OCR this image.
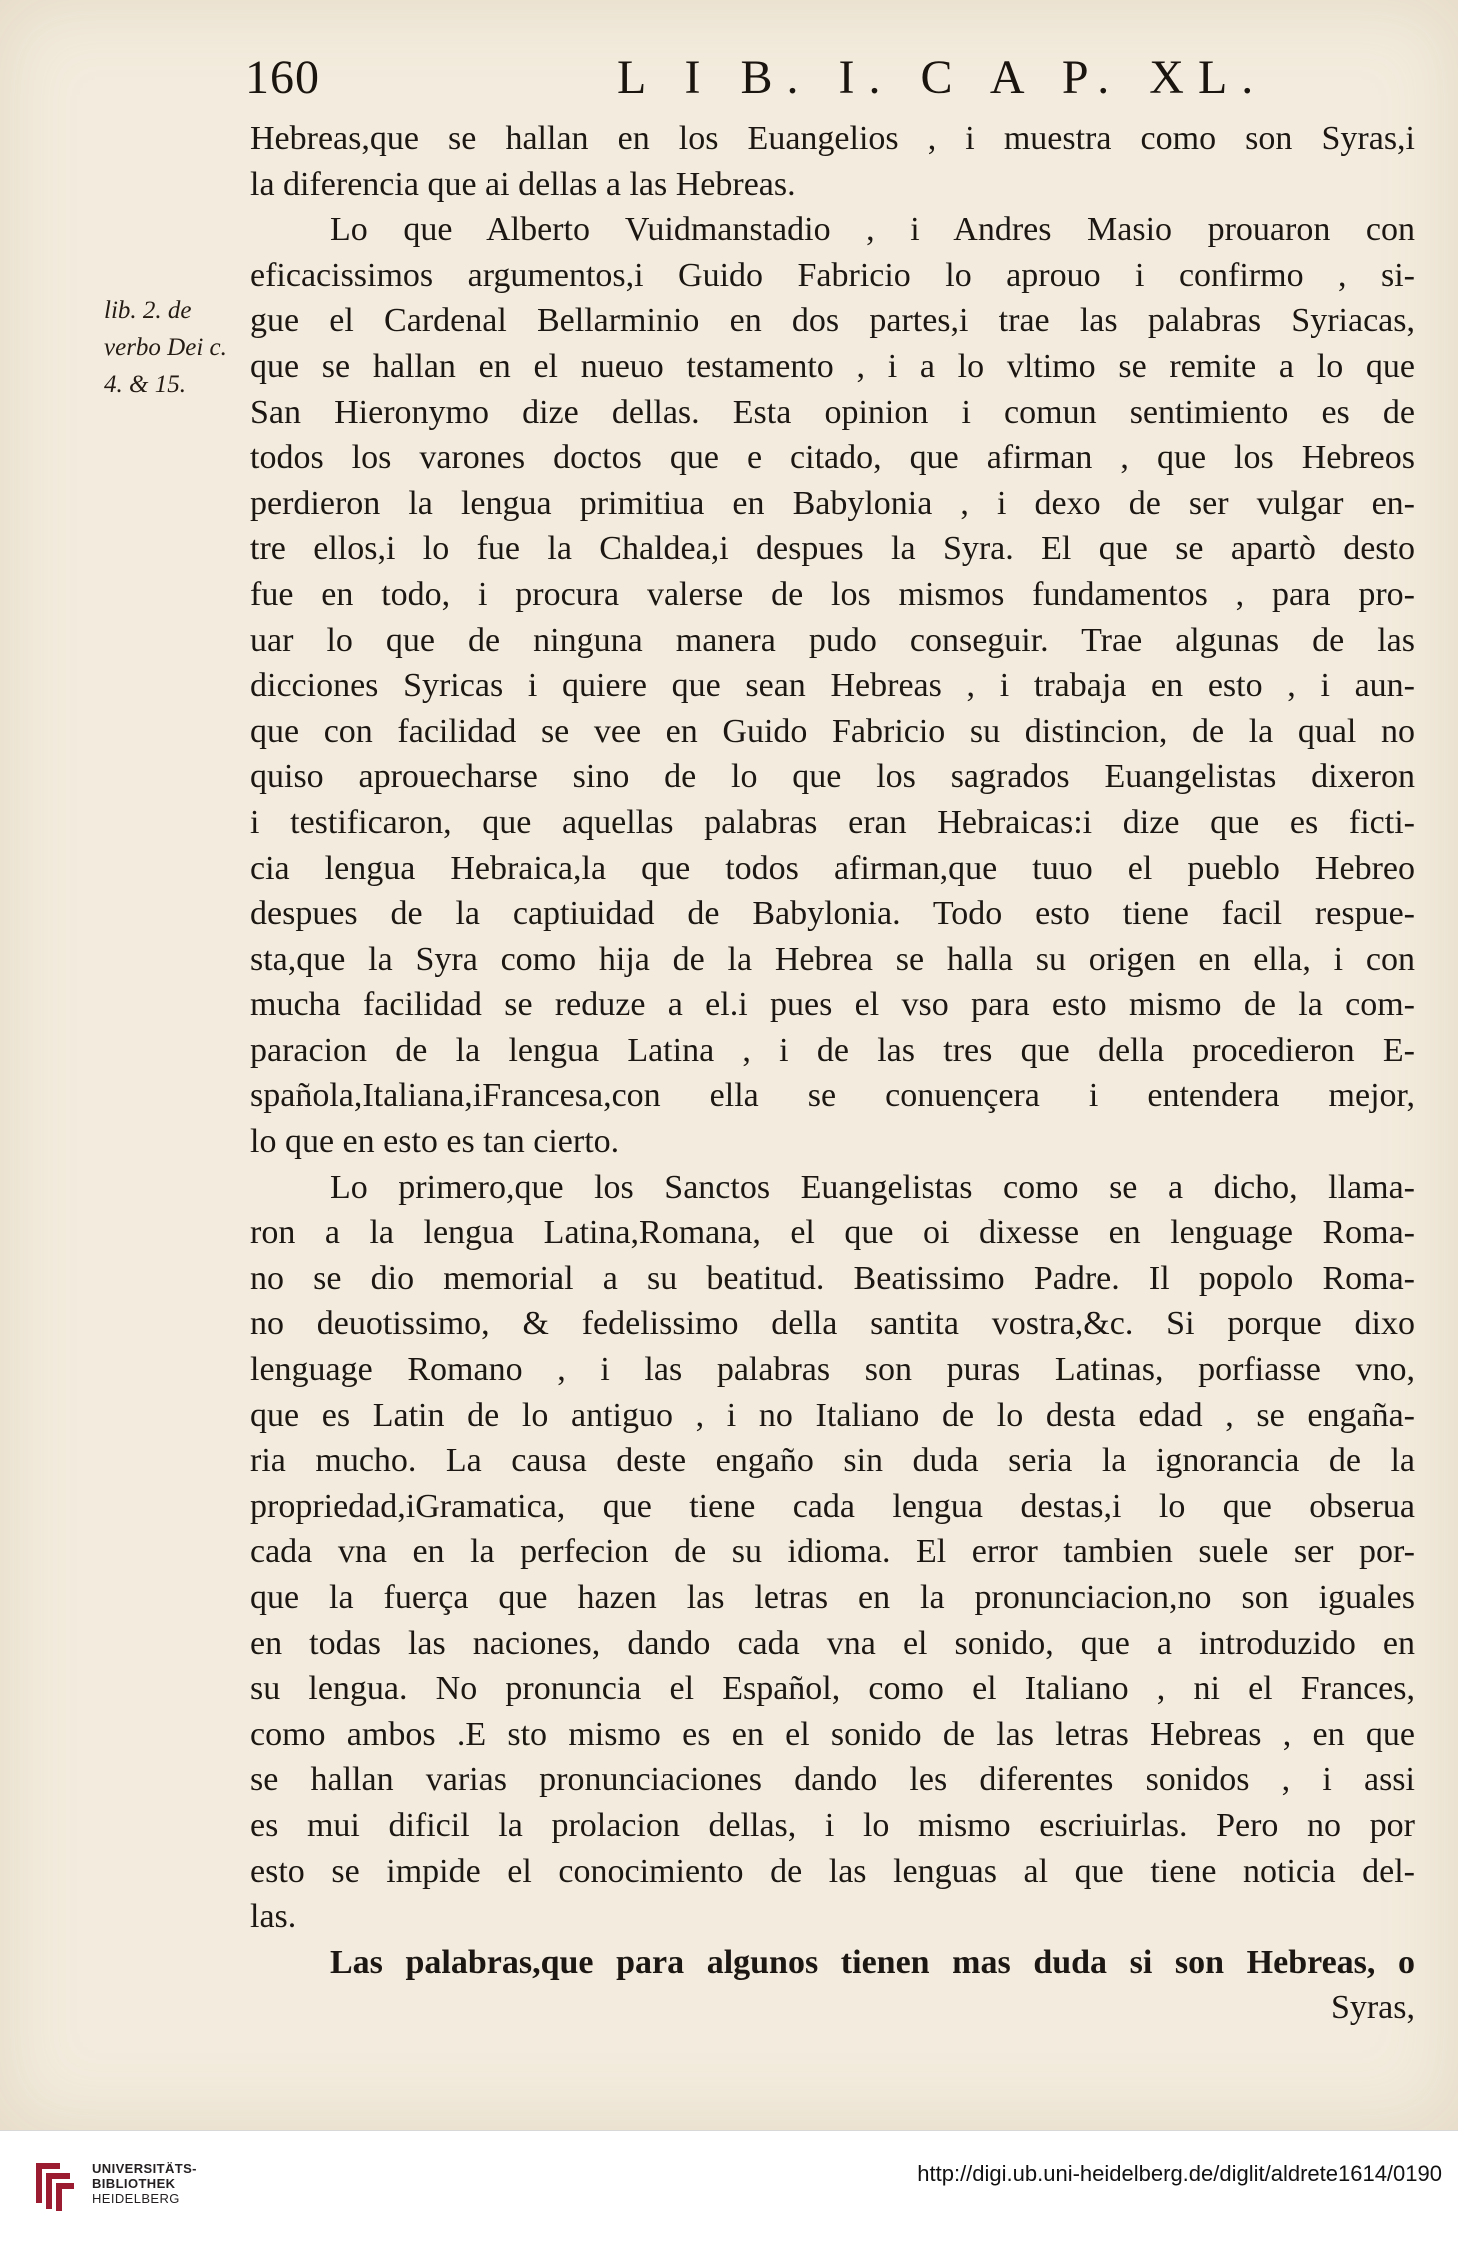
160	L I B. I. C A P. XL.
lib. 2. de
verbo Dei c.
4. & 15.
Hebreas,que se hallan en los Euangelios , i muestra como son Syras,i
la diferencia que ai dellas a las Hebreas.
Lo que Alberto Vuidmanstadio , i Andres Masio prouaron con
eficacissimos argumentos,i Guido Fabricio lo aprouo i confirmo , si-
gue el Cardenal Bellarminio en dos partes,i trae las palabras Syriacas,
que se hallan en el nueuo testamento , i a lo vltimo se remite a lo que
San Hieronymo dize dellas. Esta opinion i comun sentimiento es de
todos los varones doctos que e citado, que afirman , que los Hebreos
perdieron la lengua primitiua en Babylonia , i dexo de ser vulgar en-
tre ellos,i lo fue la Chaldea,i despues la Syra. El que se apartò desto
fue en todo, i procura valerse de los mismos fundamentos , para pro-
uar lo que de ninguna manera pudo conseguir. Trae algunas de las
dicciones Syricas i quiere que sean Hebreas , i trabaja en esto , i aun-
que con facilidad se vee en Guido Fabricio su distincion, de la qual no
quiso aprouecharse sino de lo que los sagrados Euangelistas dixeron
i testificaron, que aquellas palabras eran Hebraicas:i dize que es ficti-
cia lengua Hebraica,la que todos afirman,que tuuo el pueblo Hebreo
despues de la captiuidad de Babylonia. Todo esto tiene facil respue-
sta,que la Syra como hija de la Hebrea se halla su origen en ella, i con
mucha facilidad se reduze a el.i pues el vso para esto mismo de la com-
paracion de la lengua Latina , i de las tres que della procedieron E-
spañola,Italiana,iFrancesa,con ella se conuençera i entendera mejor,
lo que en esto es tan cierto.
Lo primero,que los Sanctos Euangelistas como se a dicho, llama-
ron a la lengua Latina,Romana, el que oi dixesse en lenguage Roma-
no se dio memorial a su beatitud. Beatissimo Padre. Il popolo Roma-
no deuotissimo, & fedelissimo della santita vostra,&c. Si porque dixo
lenguage Romano , i las palabras son puras Latinas, porfiasse vno,
que es Latin de lo antiguo , i no Italiano de lo desta edad , se engaña-
ria mucho. La causa deste engaño sin duda seria la ignorancia de la
propriedad,iGramatica, que tiene cada lengua destas,i lo que obserua
cada vna en la perfecion de su idioma. El error tambien suele ser por-
que la fuerça que hazen las letras en la pronunciacion,no son iguales
en todas las naciones, dando cada vna el sonido, que a introduzido en
su lengua. No pronuncia el Español, como el Italiano , ni el Frances,
como ambos .E sto mismo es en el sonido de las letras Hebreas , en que
se hallan varias pronunciaciones dando les diferentes sonidos , i assi
es mui dificil la prolacion dellas, i lo mismo escriuirlas. Pero no por
esto se impide el conocimiento de las lenguas al que tiene noticia del-
las.
Las palabras,que para algunos tienen mas duda si son Hebreas, o
Syras,
UNIVERSITÄTS-
BIBLIOTHEK
HEIDELBERG
http://digi.ub.uni-heidelberg.de/diglit/aldrete1614/0190
